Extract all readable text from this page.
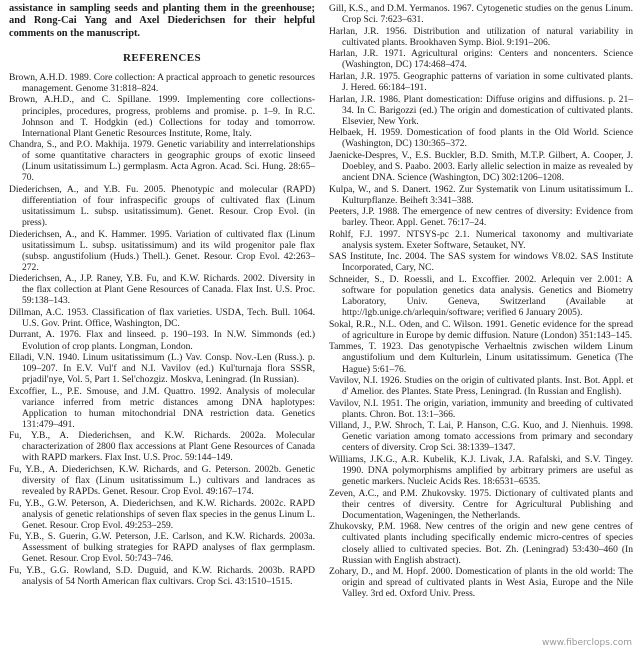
assistance in sampling seeds and planting them in the greenhouse; and Rong-Cai Yang and Axel Diederichsen for their helpful comments on the manuscript.

REFERENCES
Brown, A.H.D. 1989. Core collection: A practical approach to genetic resources management. Genome 31:818–824.
Brown, A.H.D., and C. Spillane. 1999. Implementing core collections-principles, procedures, progress, problems and promise. p. 1–9. In R.C. Johnson and T. Hodgkin (ed.) Collections for today and tomorrow. International Plant Genetic Resources Institute, Rome, Italy.
Chandra, S., and P.O. Makhija. 1979. Genetic variability and interrelationships of some quantitative characters in geographic groups of exotic linseed (Linum usitatissimum L.) germplasm. Acta Agron. Acad. Sci. Hung. 28:65–70.
Diederichsen, A., and Y.B. Fu. 2005. Phenotypic and molecular (RAPD) differentiation of four infraspecific groups of cultivated flax (Linum usitatissimum L. subsp. usitatissimum). Genet. Resour. Crop Evol. (in press).
Diederichsen, A., and K. Hammer. 1995. Variation of cultivated flax (Linum usitatissimum L. subsp. usitatissimum) and its wild progenitor pale flax (subsp. angustifolium (Huds.) Thell.). Genet. Resour. Crop Evol. 42:263–272.
Diederichsen, A., J.P. Raney, Y.B. Fu, and K.W. Richards. 2002. Diversity in the flax collection at Plant Gene Resources of Canada. Flax Inst. U.S. Proc. 59:138–143.
Dillman, A.C. 1953. Classification of flax varieties. USDA, Tech. Bull. 1064. U.S. Gov. Print. Office, Washington, DC.
Durrant, A. 1976. Flax and linseed. p. 190–193. In N.W. Simmonds (ed.) Evolution of crop plants. Longman, London.
Elladi, V.N. 1940. Linum usitatissimum (L.) Vav. Consp. Nov.-Len (Russ.). p. 109–207. In E.V. Vul'f and N.I. Vavilov (ed.) Kul'turnaja flora SSSR, prjadil'nye, Vol. 5, Part 1. Sel'chozgiz. Moskva, Leningrad. (In Russian).
Excoffier, L., P.E. Smouse, and J.M. Quattro. 1992. Analysis of molecular variance inferred from metric distances among DNA haplotypes: Application to human mitochondrial DNA restriction data. Genetics 131:479–491.
Fu, Y.B., A. Diederichsen, and K.W. Richards. 2002a. Molecular characterization of 2800 flax accessions at Plant Gene Resources of Canada with RAPD markers. Flax Inst. U.S. Proc. 59:144–149.
Fu, Y.B., A. Diederichsen, K.W. Richards, and G. Peterson. 2002b. Genetic diversity of flax (Linum usitatissimum L.) cultivars and landraces as revealed by RAPDs. Genet. Resour. Crop Evol. 49:167–174.
Fu, Y.B., G.W. Peterson, A. Diederichsen, and K.W. Richards. 2002c. RAPD analysis of genetic relationships of seven flax species in the genus Linum L. Genet. Resour. Crop Evol. 49:253–259.
Fu, Y.B., S. Guerin, G.W. Peterson, J.E. Carlson, and K.W. Richards. 2003a. Assessment of bulking strategies for RAPD analyses of flax germplasm. Genet. Resour. Crop Evol. 50:743–746.
Fu, Y.B., G.G. Rowland, S.D. Duguid, and K.W. Richards. 2003b. RAPD analysis of 54 North American flax cultivars. Crop Sci. 43:1510–1515.
Gill, K.S., and D.M. Yermanos. 1967. Cytogenetic studies on the genus Linum. Crop Sci. 7:623–631.
Harlan, J.R. 1956. Distribution and utilization of natural variability in cultivated plants. Brookhaven Symp. Biol. 9:191–206.
Harlan, J.R. 1971. Agricultural origins: Centers and noncenters. Science (Washington, DC) 174:468–474.
Harlan, J.R. 1975. Geographic patterns of variation in some cultivated plants. J. Hered. 66:184–191.
Harlan, J.R. 1986. Plant domestication: Diffuse origins and diffusions. p. 21–34. In C. Barigozzi (ed.) The origin and domestication of cultivated plants. Elsevier, New York.
Helbaek, H. 1959. Domestication of food plants in the Old World. Science (Washington, DC) 130:365–372.
Jaenicke-Despres, V., E.S. Buckler, B.D. Smith, M.T.P. Gilbert, A. Cooper, J. Doebley, and S. Paabo. 2003. Early allelic selection in maize as revealed by ancient DNA. Science (Washington, DC) 302:1206–1208.
Kulpa, W., and S. Danert. 1962. Zur Systematik von Linum usitatissimum L. Kulturpflanze. Beiheft 3:341–388.
Peeters, J.P. 1988. The emergence of new centres of diversity: Evidence from barley. Theor. Appl. Genet. 76:17–24.
Rohlf, F.J. 1997. NTSYS-pc 2.1. Numerical taxonomy and multivariate analysis system. Exeter Software, Setauket, NY.
SAS Institute, Inc. 2004. The SAS system for windows V8.02. SAS Institute Incorporated, Cary, NC.
Schneider, S., D. Roessli, and L. Excoffier. 2002. Arlequin ver 2.001: A software for population genetics data analysis. Genetics and Biometry Laboratory, Univ. Geneva, Switzerland (Available at http://lgb.unige.ch/arlequin/software; verified 6 January 2005).
Sokal, R.R., N.L. Oden, and C. Wilson. 1991. Genetic evidence for the spread of agriculture in Europe by demic diffusion. Nature (London) 351:143–145.
Tammes, T. 1923. Das genotypische Verhaeltnis zwischen wildem Linum angustifolium und dem Kulturlein, Linum usitatissimum. Genetica (The Hague) 5:61–76.
Vavilov, N.I. 1926. Studies on the origin of cultivated plants. Inst. Bot. Appl. et d' Amelior. des Plantes. State Press, Leningrad. (In Russian and English).
Vavilov, N.I. 1951. The origin, variation, immunity and breeding of cultivated plants. Chron. Bot. 13:1–366.
Villand, J., P.W. Shroch, T. Lai, P. Hanson, C.G. Kuo, and J. Nienhuis. 1998. Genetic variation among tomato accessions from primary and secondary centers of diversity. Crop Sci. 38:1339–1347.
Williams, J.K.G., A.R. Kubelik, K.J. Livak, J.A. Rafalski, and S.V. Tingey. 1990. DNA polymorphisms amplified by arbitrary primers are useful as genetic markers. Nucleic Acids Res. 18:6531–6535.
Zeven, A.C., and P.M. Zhukovsky. 1975. Dictionary of cultivated plants and their centres of diversity. Centre for Agricultural Publishing and Documentation, Wageningen, the Netherlands.
Zhukovsky, P.M. 1968. New centres of the origin and new gene centres of cultivated plants including specifically endemic micro-centres of species closely allied to cultivated species. Bot. Zh. (Leningrad) 53:430–460 (In Russian with English abstract).
Zohary, D., and M. Hopf. 2000. Domestication of plants in the old world: The origin and spread of cultivated plants in West Asia, Europe and the Nile Valley. 3rd ed. Oxford Univ. Press.
www.fiberclops.com
